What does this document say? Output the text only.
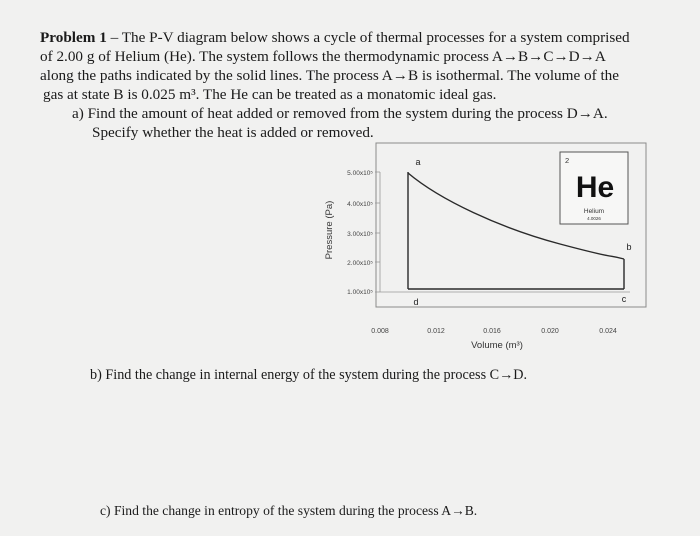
Problem 1 – The P-V diagram below shows a cycle of thermal processes for a system comprised

of 2.00 g of Helium (He). The system follows the thermodynamic process A→B→C→D→A

along the paths indicated by the solid lines. The process A→B is isothermal. The volume of the

gas at state B is 0.025 m³. The He can be treated as a monatomic ideal gas.

a) Find the amount of heat added or removed from the system during the process D→A.
Specify whether the heat is added or removed.
5.00x10⁵
4.00x10⁵
3.00x10⁵
2.00x10⁵
1.00x10⁵
0.008	0.012	0.016	0.020	0.024
Pressure (Pa)
Volume (m³)
a
b
c
d
2
He
Helium
4.0026
b) Find the change in internal energy of the system during the process C→D.
c) Find the change in entropy of the system during the process A→B.
